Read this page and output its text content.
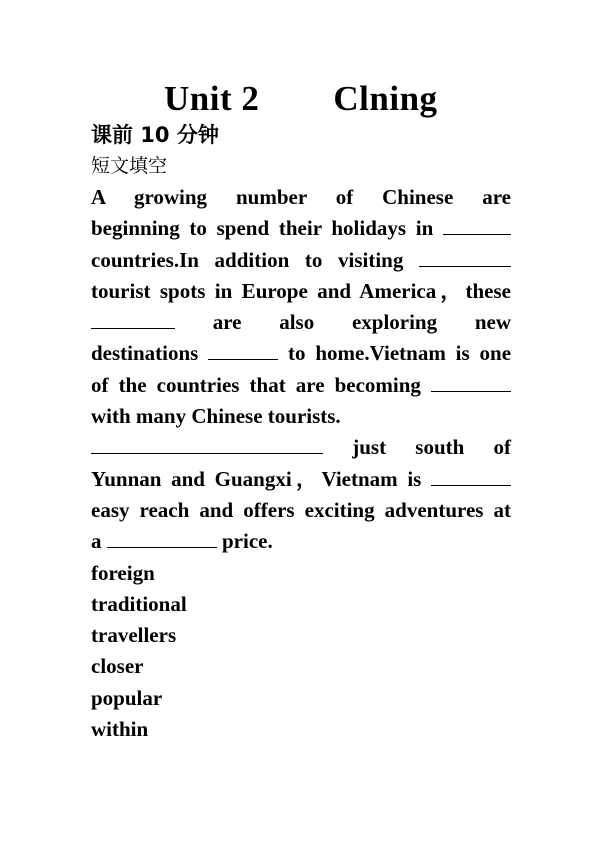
Unit 2 Clning
课前 10 分钟
短文填空
A growing number of Chinese are
beginning to spend their holidays in
countries.In addition to visiting
tourist spots in Europe and America，these
are also exploring new
destinations	to home.Vietnam is one
of the countries that are becoming
with many Chinese tourists.
just south of
Yunnan and Guangxi，Vietnam is
easy reach and offers exciting adventures at
a	price.
foreign
traditional
travellers
closer
popular
within
